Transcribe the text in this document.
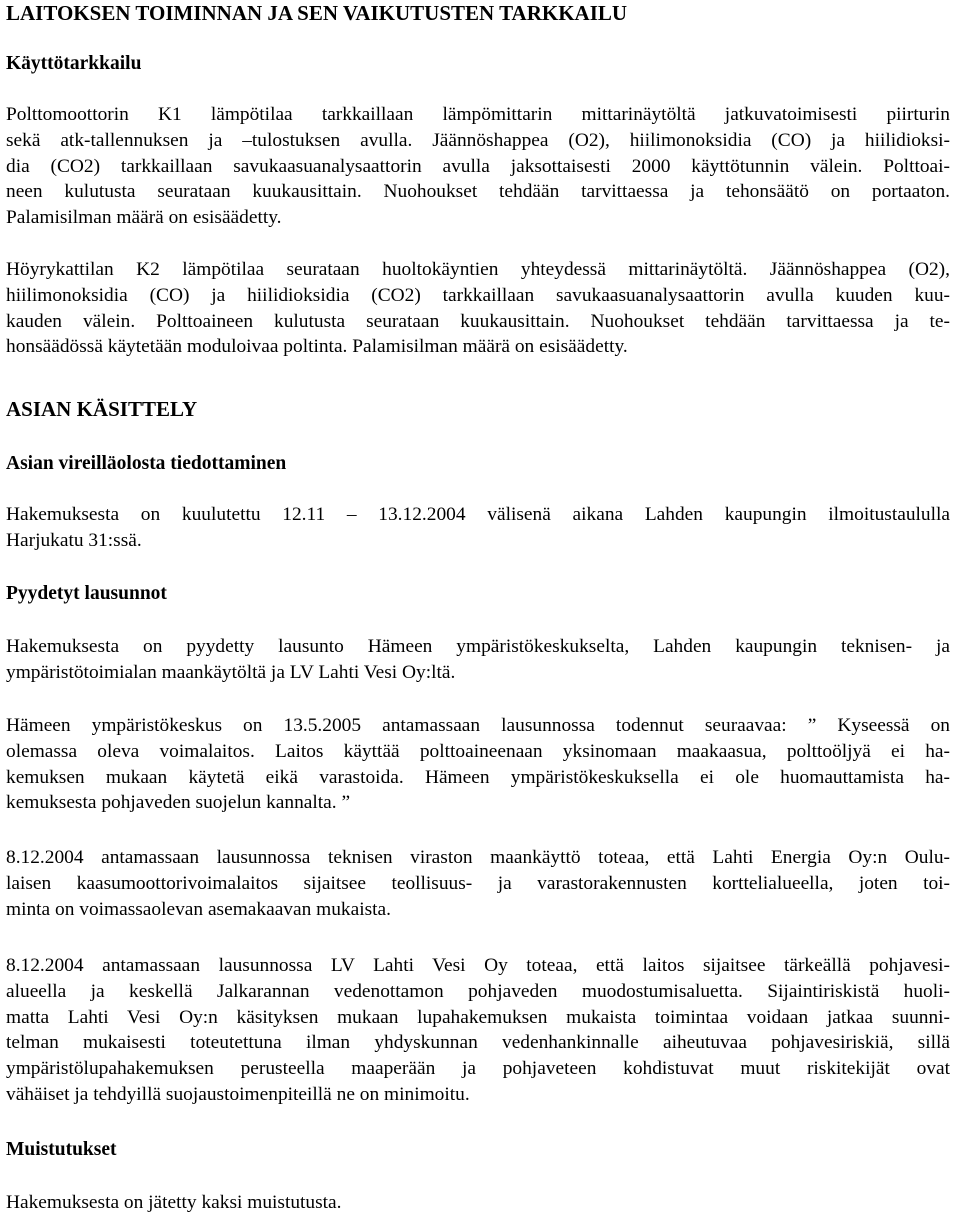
LAITOKSEN TOIMINNAN JA SEN VAIKUTUSTEN TARKKAILU
Käyttötarkkailu
Polttomoottorin K1 lämpötilaa tarkkaillaan lämpömittarin mittarinäytöltä jatkuvatoimisesti piirturin
sekä atk-tallennuksen ja –tulostuksen avulla. Jäännöshappea (O2), hiilimonoksidia (CO) ja hiilidioksi-
dia (CO2) tarkkaillaan savukaasuanalysaattorin avulla jaksottaisesti 2000 käyttötunnin välein. Polttoai-
neen kulutusta seurataan kuukausittain. Nuohoukset tehdään tarvittaessa ja tehonsäätö on portaaton.
Palamisilman määrä on esisäädetty.
Höyrykattilan K2 lämpötilaa seurataan huoltokäyntien yhteydessä mittarinäytöltä. Jäännöshappea (O2),
hiilimonoksidia (CO) ja hiilidioksidia (CO2) tarkkaillaan savukaasuanalysaattorin avulla kuuden kuu-
kauden välein. Polttoaineen kulutusta seurataan kuukausittain. Nuohoukset tehdään tarvittaessa ja te-
honsäädössä käytetään moduloivaa poltinta. Palamisilman määrä on esisäädetty.
ASIAN KÄSITTELY
Asian vireilläolosta tiedottaminen
Hakemuksesta on kuulutettu 12.11 – 13.12.2004 välisenä aikana Lahden kaupungin ilmoitustaululla
Harjukatu 31:ssä.
Pyydetyt lausunnot
Hakemuksesta on pyydetty lausunto Hämeen ympäristökeskukselta, Lahden kaupungin teknisen- ja
ympäristötoimialan maankäytöltä ja LV Lahti Vesi Oy:ltä.
Hämeen ympäristökeskus on 13.5.2005 antamassaan lausunnossa todennut seuraavaa: ” Kyseessä on
olemassa oleva voimalaitos. Laitos käyttää polttoaineenaan yksinomaan maakaasua, polttoöljyä ei ha-
kemuksen mukaan käytetä eikä varastoida. Hämeen ympäristökeskuksella ei ole huomauttamista ha-
kemuksesta pohjaveden suojelun kannalta. ”
8.12.2004 antamassaan lausunnossa teknisen viraston maankäyttö toteaa, että Lahti Energia Oy:n Oulu-
laisen kaasumoottorivoimalaitos sijaitsee teollisuus- ja varastorakennusten korttelialueella, joten toi-
minta on voimassaolevan asemakaavan mukaista.
8.12.2004 antamassaan lausunnossa LV Lahti Vesi Oy toteaa, että laitos sijaitsee tärkeällä pohjavesi-
alueella ja keskellä Jalkarannan vedenottamon pohjaveden muodostumisaluetta. Sijaintiriskistä huoli-
matta Lahti Vesi Oy:n käsityksen mukaan lupahakemuksen mukaista toimintaa voidaan jatkaa suunni-
telman mukaisesti toteutettuna ilman yhdyskunnan vedenhankinnalle aiheutuvaa pohjavesiriskiä, sillä
ympäristölupahakemuksen perusteella maaperään ja pohjaveteen kohdistuvat muut riskitekijät ovat
vähäiset ja tehdyillä suojaustoimenpiteillä ne on minimoitu.
Muistutukset
Hakemuksesta on jätetty kaksi muistutusta.
